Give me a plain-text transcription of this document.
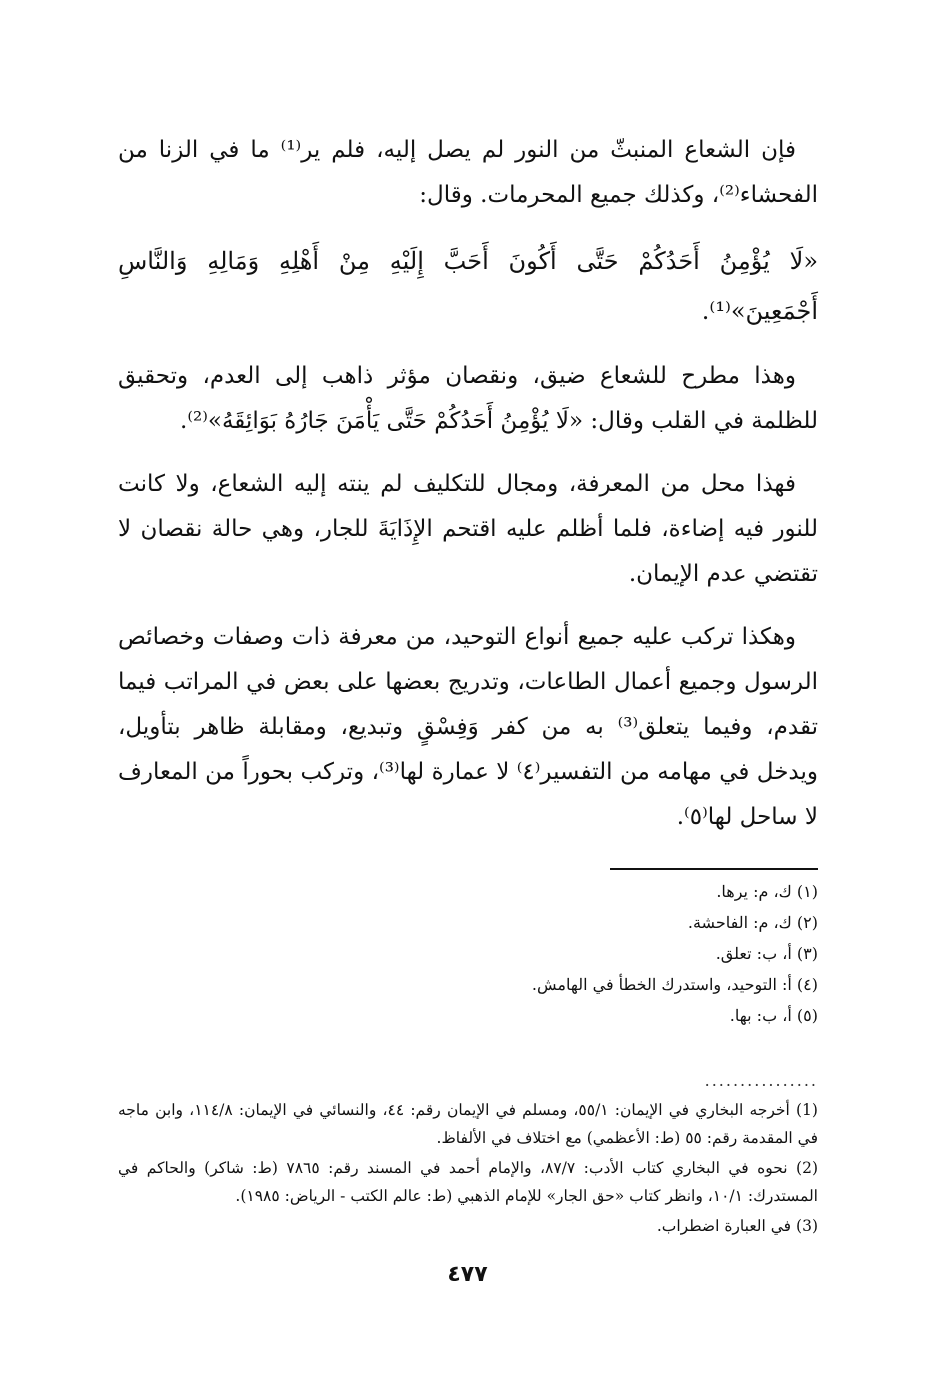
فإن الشعاع المنبثّ من النور لم يصل إليه، فلم ير⁽¹⁾ ما في الزنا من الفحشاء⁽²⁾، وكذلك جميع المحرمات. وقال:

«لَا يُؤْمِنُ أَحَدُكُمْ حَتَّى أَكُونَ أَحَبَّ إِلَيْهِ مِنْ أَهْلِهِ وَمَالِهِ وَالنَّاسِ أَجْمَعِينَ»⁽¹⁾.

وهذا مطرح للشعاع ضيق، ونقصان مؤثر ذاهب إلى العدم، وتحقيق للظلمة في القلب وقال: «لَا يُؤْمِنُ أَحَدُكُمْ حَتَّى يَأْمَنَ جَارُهُ بَوَائِقَهُ»⁽²⁾.

فهذا محل من المعرفة، ومجال للتكليف لم ينته إليه الشعاع، ولا كانت للنور فيه إضاءة، فلما أظلم عليه اقتحم الإِذَايَةَ للجار، وهي حالة نقصان لا تقتضي عدم الإيمان.

وهكذا تركب عليه جميع أنواع التوحيد، من معرفة ذات وصفات وخصائص الرسول وجميع أعمال الطاعات، وتدريج بعضها على بعض في المراتب فيما تقدم، وفيما يتعلق⁽³⁾ به من كفر وَفِسْقٍ وتبديع، ومقابلة ظاهر بتأويل، ويدخل في مهامه من التفسير⁽٤⁾ لا عمارة لها⁽³⁾، وتركب بحوراً من المعارف لا ساحل لها⁽٥⁾.

(١) ك، م: يرها.
(٢) ك، م: الفاحشة.
(٣) أ، ب: تعلق.
(٤) أ: التوحيد، واستدرك الخطأ في الهامش.
(٥) أ، ب: بها.
................
(1) أخرجه البخاري في الإيمان: ٥٥/١، ومسلم في الإيمان رقم: ٤٤، والنسائي في الإيمان: ١١٤/٨، وابن ماجه في المقدمة رقم: ٥٥ (ط: الأعظمي) مع اختلاف في الألفاظ.
(2) نحوه في البخاري كتاب الأدب: ٨٧/٧، والإمام أحمد في المسند رقم: ٧٨٦٥ (ط: شاكر) والحاكم في المستدرك: ١٠/١، وانظر كتاب «حق الجار» للإمام الذهبي (ط: عالم الكتب - الرياض: ١٩٨٥).
(3) في العبارة اضطراب.
٤٧٧
